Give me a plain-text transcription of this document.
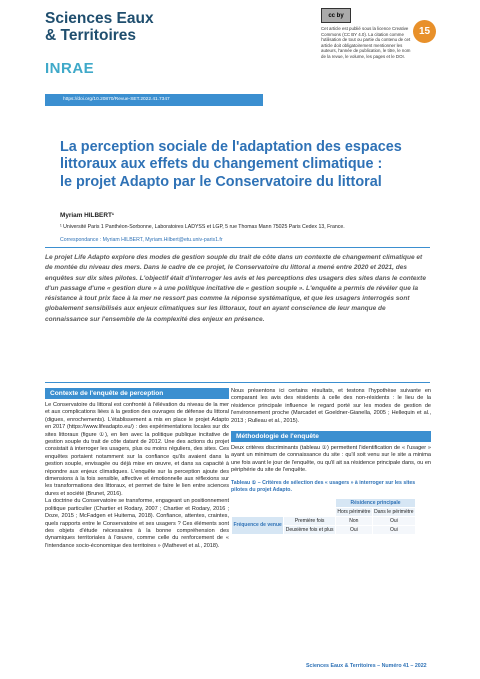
Sciences Eaux
& Territoires
INRAE
https://doi.org/10.20870/Revue-SET.2022.41.7347
cc by
Cet article est publié sous la licence Creative Commons (CC BY 4.0). La citation comme l'utilisation de tout ou partie du contenu de cet article doit obligatoirement mentionner les auteurs, l'année de publication, le titre, le nom de la revue, le volume, les pages et le DOI.
15
La perception sociale de l'adaptation des espaces
littoraux aux effets du changement climatique :
le projet Adapto par le Conservatoire du littoral
Myriam HILBERT¹
¹ Université Paris 1 Panthéon-Sorbonne, Laboratoires LADYSS et LGP, 5 rue Thomas Mann 75025 Paris Cedex 13, France.
Correspondance : Myriam HILBERT, Myriam.Hilbert@etu.univ-paris1.fr

Le projet Life Adapto explore des modes de gestion souple du trait de côte dans un contexte de changement climatique et de montée du niveau des mers. Dans le cadre de ce projet, le Conservatoire du littoral a mené entre 2020 et 2021, des enquêtes sur dix sites pilotes. L'objectif était d'interroger les avis et les perceptions des usagers des sites dans le contexte d'un passage d'une « gestion dure » à une politique incitative de « gestion souple ». L'enquête a permis de révéler que la résistance à tout prix face à la mer ne ressort pas comme la réponse systématique, et que les usagers interrogés sont globalement sensibilisés aux enjeux climatiques sur les littoraux, tout en ayant conscience de leur manque de connaissance sur l'ensemble de la complexité des enjeux en présence.

Contexte de l'enquête de perception

Le Conservatoire du littoral est confronté à l'élévation du niveau de la mer et aux complications liées à la gestion des ouvrages de défense du littoral (digues, enrochements). L'établissement a mis en place le projet Adapto en 2017 (https://www.lifeadapto.eu/) : des expérimentations locales sur dix sites littoraux (figure ①), en lien avec la politique publique incitative de gestion souple du trait de côte datant de 2012. Une des actions du projet consistait à interroger les usagers, plus ou moins réguliers, des sites. Ces enquêtes portaient notamment sur la confiance qu'ils avaient dans la gestion souple, envisagée ou déjà mise en œuvre, et dans sa capacité à répondre aux enjeux climatiques. L'enquête sur la perception ajoute des dimensions à la fois sensible, affective et émotionnelle aux réflexions sur les transformations des littoraux, et permet de faire le lien entre sciences dures et société (Brunet, 2016).

La doctrine du Conservatoire se transforme, engageant un positionnement politique particulier (Chartier et Rodary, 2007 ; Chartier et Rodary, 2016 ; Doze, 2015 ; McFadgen et Huitema, 2018). Confiance, attentes, craintes, quels rapports entre le Conservatoire et ses usagers ? Ces éléments sont des objets d'étude nécessaires à la bonne compréhension des dynamiques territoriales à l'œuvre, comme celle du renforcement de « l'intendance socio-économique des territoires » (Mathevet et al., 2018).

Nous présentons ici certains résultats, et testons l'hypothèse suivante en comparant les avis des résidents à celle des non-résidents : le lieu de la résidence principale influence le regard porté sur les modes de gestion de l'environnement proche (Marcadet et Goeldner-Gianella, 2005 ; Hellequin et al., 2013 ; Rulleau et al., 2015).

Méthodologie de l'enquête

Deux critères discriminants (tableau ①) permettent l'identification de « l'usager » ayant un minimum de connaissance du site : qu'il soit venu sur le site a minima une fois avant le jour de l'enquête, ou qu'il ait sa résidence principale dans, ou en périphérie du site de l'enquête.

Tableau ① – Critères de sélection des « usagers » à interroger sur les sites pilotes du projet Adapto.
		Résidence principale	
		Hors périmètre	Dans le périmètre
Fréquence de venue	Première fois	Non	Oui
	Deuxième fois et plus	Oui	Oui
Sciences Eaux & Territoires – Numéro 41 – 2022
